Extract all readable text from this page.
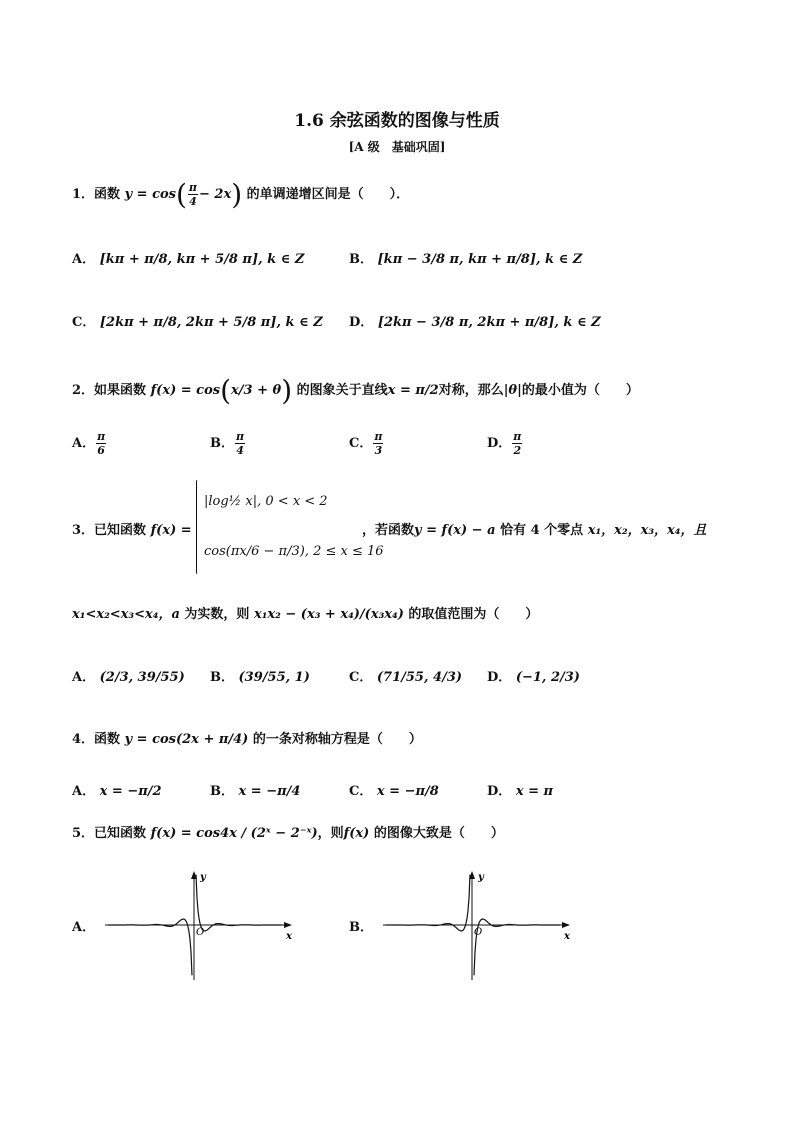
1.6 余弦函数的图像与性质
[A 级　基础巩固]
1．函数 $y = \cos( \frac{\pi}{4} - 2x)$ 的单调递增区间是（　　）．
A． [kπ + π/8, kπ + 5/8 π], k ∈ Z	B． [kπ − 3/8 π, kπ + π/8], k ∈ Z
C． [2kπ + π/8, 2kπ + 5/8 π], k ∈ Z D． [2kπ − 3/8 π, 2kπ + π/8], k ∈ Z
2．如果函数 f(x) = cos(x/3 + θ) 的图象关于直线x = π/2对称，那么|θ|的最小值为（　　）
A． $\frac{\pi}{6}$	B． $\frac{\pi}{4}$	C． $\frac{\pi}{3}$	D． $\frac{\pi}{2}$
3．已知函数 f(x) =
|log½ x|, 0 < x < 2
cos(πx/6 − π/3), 2 ≤ x ≤ 16
，若函数y = f(x) − a 恰有 4 个零点 x₁，x₂，x₃，x₄，且
x₁<x₂<x₃<x₄，a 为实数，则 x₁x₂ − (x₃ + x₄)/(x₃x₄) 的取值范围为（　　）
A． (2/3, 39/55) B． (39/55, 1)	C． (71/55, 4/3) D． (−1, 2/3)
4．函数 y = cos(2x + π/4) 的一条对称轴方程是（　　）
A． x = −π/2	B． x = −π/4	C． x = −π/8	D． x = π
5．已知函数 f(x) = cos4x / (2ˣ − 2⁻ˣ)，则f(x) 的图像大致是（　　）
A．
x
y
O	B．
x
y
O
